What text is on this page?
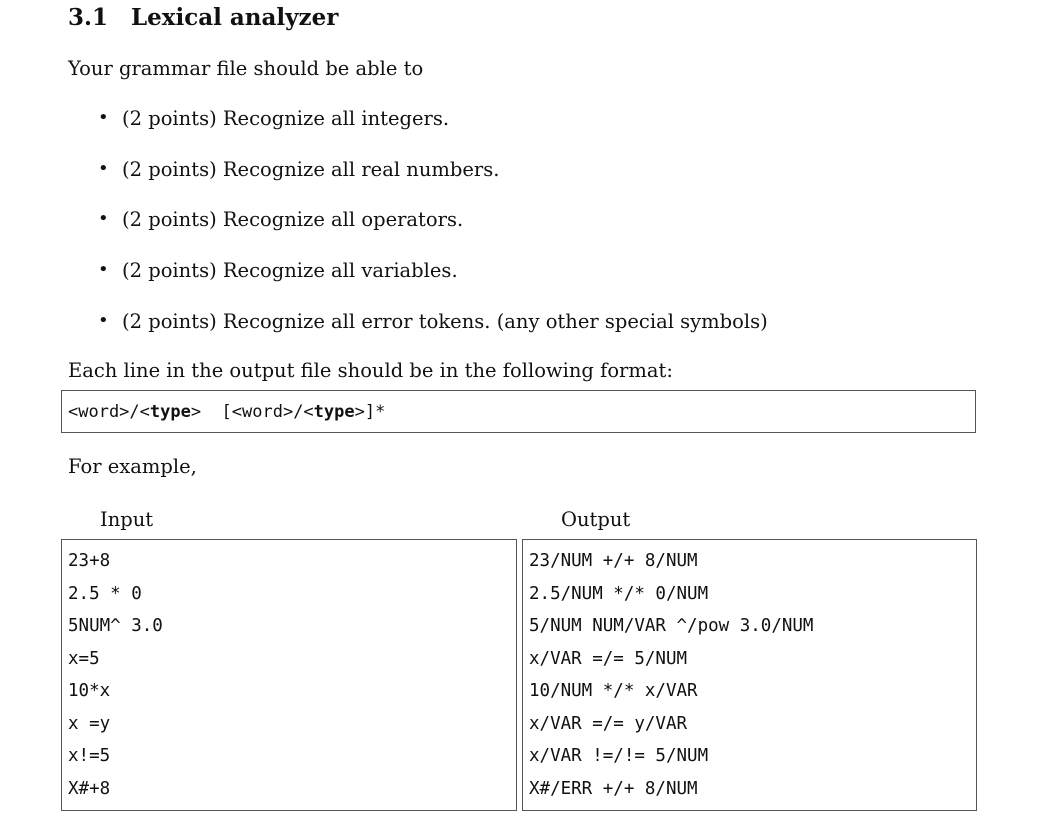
3.1 Lexical analyzer
Your grammar file should be able to
• (2 points) Recognize all integers.
• (2 points) Recognize all real numbers.
• (2 points) Recognize all operators.
• (2 points) Recognize all variables.
• (2 points) Recognize all error tokens. (any other special symbols)
Each line in the output file should be in the following format:
<word>/<type>  [<word>/<type>]*
For example,
Input	Output
23+8
2.5 * 0
5NUM^ 3.0
x=5
10*x
x =y
x!=5
X#+8
23/NUM +/+ 8/NUM
2.5/NUM */* 0/NUM
5/NUM NUM/VAR ^/pow 3.0/NUM
x/VAR =/= 5/NUM
10/NUM */* x/VAR
x/VAR =/= y/VAR
x/VAR !=/!= 5/NUM
X#/ERR +/+ 8/NUM
